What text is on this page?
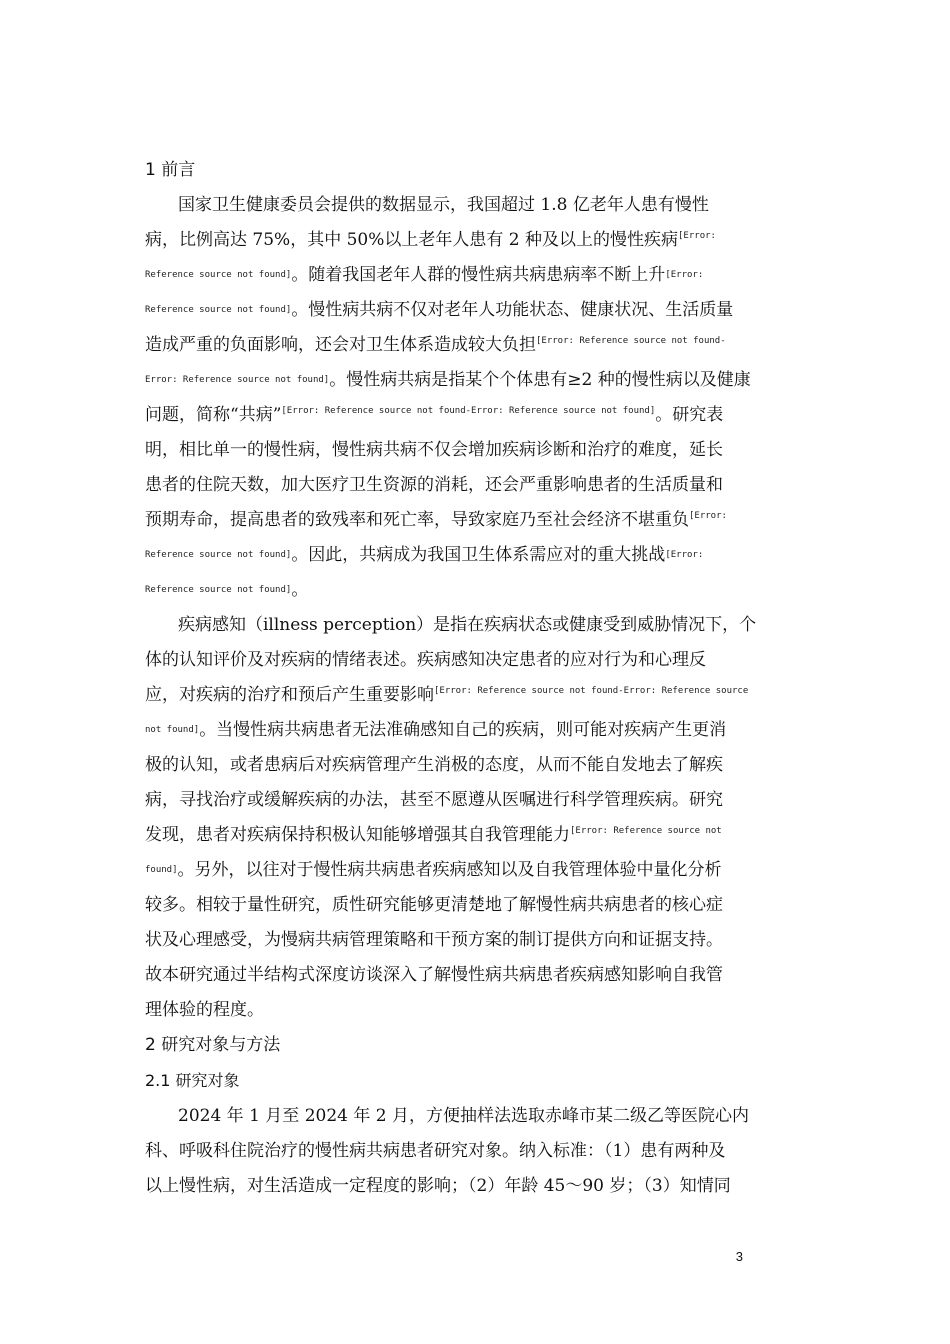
1 前言
国家卫生健康委员会提供的数据显示，我国超过 1.8 亿老年人患有慢性
病，比例高达 75%，其中 50%以上老年人患有 2 种及以上的慢性疾病$^{[Error:}$
$^{Reference source not found]}$。随着我国老年人群的慢性病共病患病率不断上升$^{[Error:}$
$^{Reference source not found]}$。慢性病共病不仅对老年人功能状态、健康状况、生活质量
造成严重的负面影响，还会对卫生体系造成较大负担$^{[Error: Reference source not found-}$
$^{Error: Reference source not found]}$。慢性病共病是指某个个体患有≥2 种的慢性病以及健康
问题，简称“共病”[Error: Reference source not found-Error: Reference source not found]。研究表
明，相比单一的慢性病，慢性病共病不仅会增加疾病诊断和治疗的难度，延长
患者的住院天数，加大医疗卫生资源的消耗，还会严重影响患者的生活质量和
预期寿命，提高患者的致残率和死亡率，导致家庭乃至社会经济不堪重负$^{[Error:}$
$^{Reference source not found]}$。因此，共病成为我国卫生体系需应对的重大挑战$^{[Error:}$
$^{Reference source not found]}$。
疾病感知（illness perception）是指在疾病状态或健康受到威胁情况下，个
体的认知评价及对疾病的情绪表述。疾病感知决定患者的应对行为和心理反
应，对疾病的治疗和预后产生重要影响$^{[Error: Reference source not found-Error: Reference source}$
$^{not found]}$。当慢性病共病患者无法准确感知自己的疾病，则可能对疾病产生更消
极的认知，或者患病后对疾病管理产生消极的态度，从而不能自发地去了解疾
病，寻找治疗或缓解疾病的办法，甚至不愿遵从医嘱进行科学管理疾病。研究
发现，患者对疾病保持积极认知能够增强其自我管理能力$^{[Error: Reference source not}$
$^{found]}$。另外，以往对于慢性病共病患者疾病感知以及自我管理体验中量化分析
较多。相较于量性研究，质性研究能够更清楚地了解慢性病共病患者的核心症
状及心理感受，为慢病共病管理策略和干预方案的制订提供方向和证据支持。
故本研究通过半结构式深度访谈深入了解慢性病共病患者疾病感知影响自我管
理体验的程度。
2 研究对象与方法
2.1 研究对象
2024 年 1 月至 2024 年 2 月，方便抽样法选取赤峰市某二级乙等医院心内
科、呼吸科住院治疗的慢性病共病患者研究对象。纳入标准：（1）患有两种及
以上慢性病，对生活造成一定程度的影响；（2）年龄 45～90 岁；（3）知情同
3
